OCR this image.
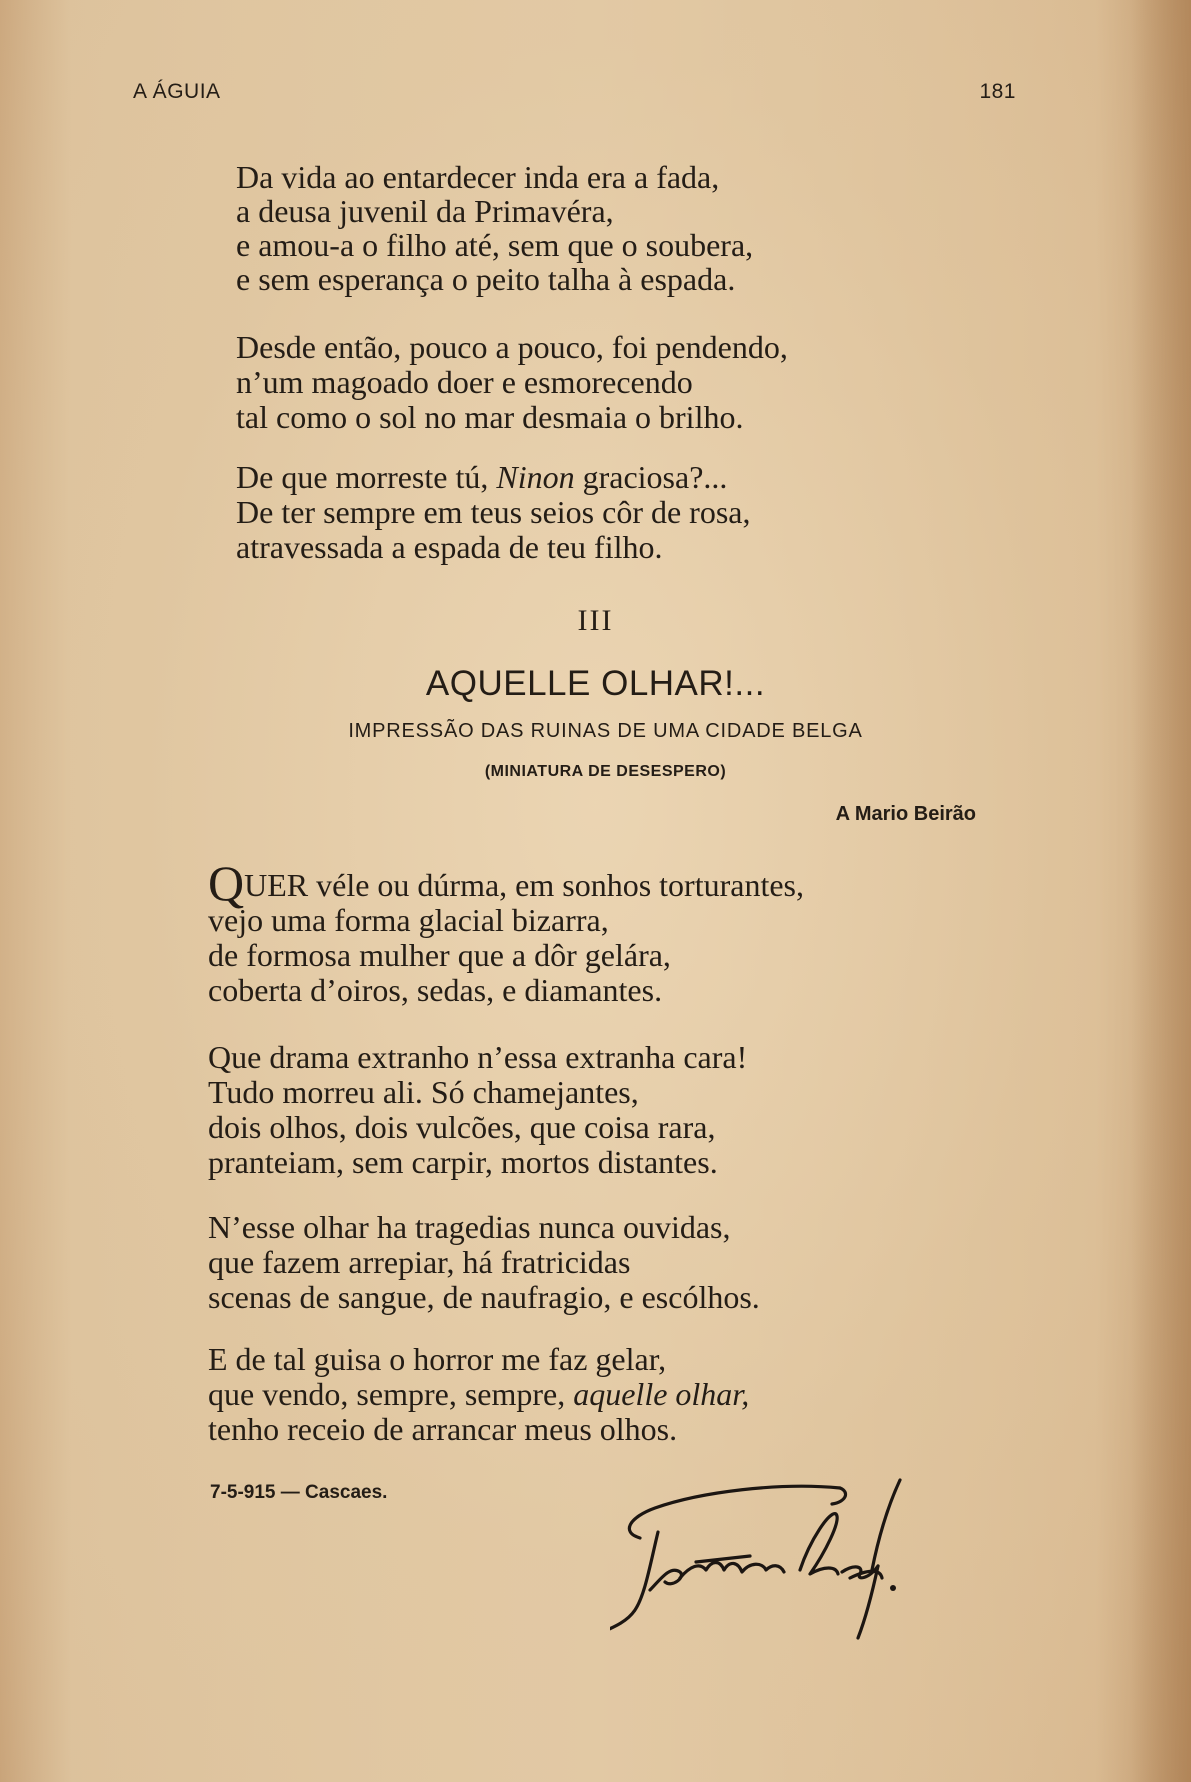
A ÁGUIA	181
Da vida ao entardecer inda era a fada,
a deusa juvenil da Primavéra,
e amou-a o filho até, sem que o soubera,
e sem esperança o peito talha à espada.
Desde então, pouco a pouco, foi pendendo,
n’um magoado doer e esmorecendo
tal como o sol no mar desmaia o brilho.
De que morreste tú, Ninon graciosa?...
De ter sempre em teus seios côr de rosa,
atravessada a espada de teu filho.
III
AQUELLE OLHAR!...
IMPRESSÃO DAS RUINAS DE UMA CIDADE BELGA
(MINIATURA DE DESESPERO)
A Mario Beirão
QUER véle ou dúrma, em sonhos torturantes,
vejo uma forma glacial bizarra,
de formosa mulher que a dôr gelára,
coberta d’oiros, sedas, e diamantes.
Que drama extranho n’essa extranha cara!
Tudo morreu ali. Só chamejantes,
dois olhos, dois vulcões, que coisa rara,
pranteiam, sem carpir, mortos distantes.
N’esse olhar ha tragedias nunca ouvidas,
que fazem arrepiar, há fratricidas
scenas de sangue, de naufragio, e escólhos.
E de tal guisa o horror me faz gelar,
que vendo, sempre, sempre, aquelle olhar,
tenho receio de arrancar meus olhos.
7-5-915 — Cascaes.
